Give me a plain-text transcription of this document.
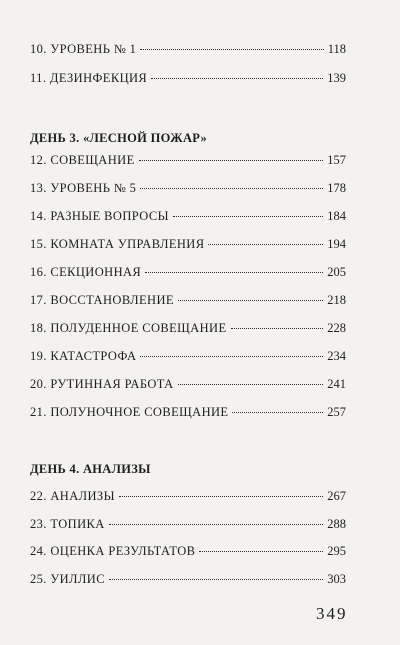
10. УРОВЕНЬ № 1	118
11. ДЕЗИНФЕКЦИЯ	139
ДЕНЬ 3. «ЛЕСНОЙ ПОЖАР»
12. СОВЕЩАНИЕ	157
13. УРОВЕНЬ № 5	178
14. РАЗНЫЕ ВОПРОСЫ	184
15. КОМНАТА УПРАВЛЕНИЯ	194
16. СЕКЦИОННАЯ	205
17. ВОССТАНОВЛЕНИЕ	218
18. ПОЛУДЕННОЕ СОВЕЩАНИЕ	228
19. КАТАСТРОФА	234
20. РУТИННАЯ РАБОТА	241
21. ПОЛУНОЧНОЕ СОВЕЩАНИЕ	257
ДЕНЬ 4. АНАЛИЗЫ
22. АНАЛИЗЫ	267
23. ТОПИКА	288
24. ОЦЕНКА РЕЗУЛЬТАТОВ	295
25. УИЛЛИС	303
349
